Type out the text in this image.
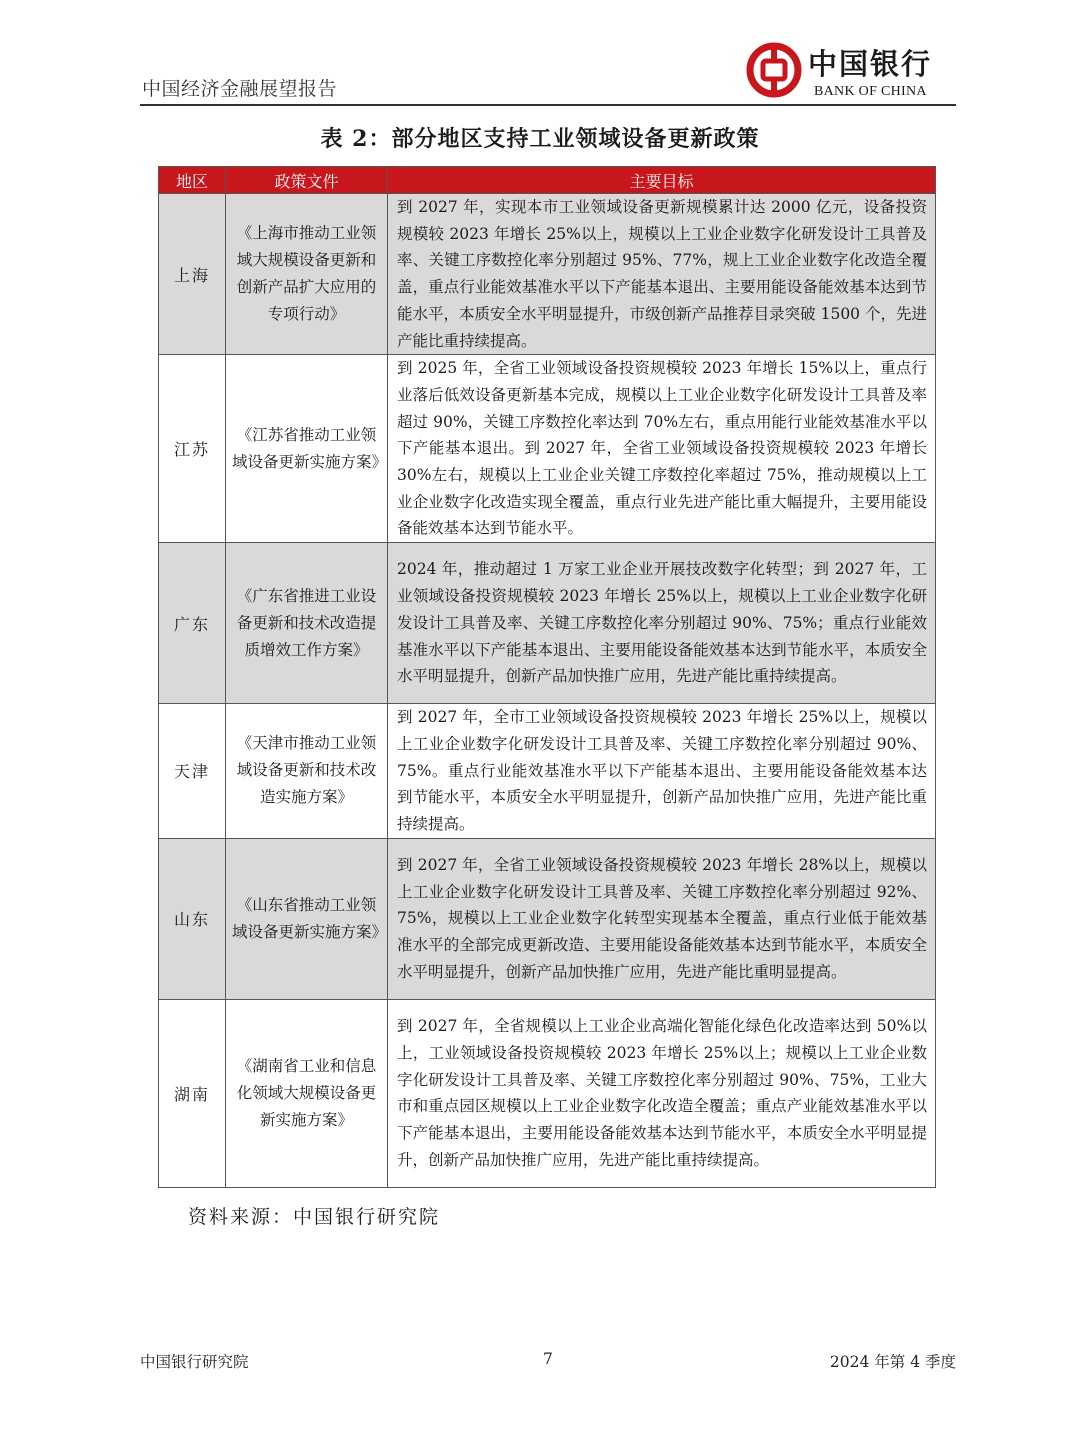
中国经济金融展望报告
中国银行
BANK OF CHINA
表 2：部分地区支持工业领域设备更新政策
地区	政策文件	主要目标
上海	《上海市推动工业领域大规模设备更新和创新产品扩大应用的专项行动》	到 2027 年，实现本市工业领域设备更新规模累计达 2000 亿元，设备投资规模较 2023 年增长 25%以上，规模以上工业企业数字化研发设计工具普及率、关键工序数控化率分别超过 95%、77%，规上工业企业数字化改造全覆盖，重点行业能效基准水平以下产能基本退出、主要用能设备能效基本达到节能水平，本质安全水平明显提升，市级创新产品推荐目录突破 1500 个，先进产能比重持续提高。
江苏	《江苏省推动工业领域设备更新实施方案》	到 2025 年，全省工业领域设备投资规模较 2023 年增长 15%以上，重点行业落后低效设备更新基本完成，规模以上工业企业数字化研发设计工具普及率超过 90%，关键工序数控化率达到 70%左右，重点用能行业能效基准水平以下产能基本退出。到 2027 年，全省工业领域设备投资规模较 2023 年增长 30%左右，规模以上工业企业关键工序数控化率超过 75%，推动规模以上工业企业数字化改造实现全覆盖，重点行业先进产能比重大幅提升，主要用能设备能效基本达到节能水平。
广东	《广东省推进工业设备更新和技术改造提质增效工作方案》	2024 年，推动超过 1 万家工业企业开展技改数字化转型；到 2027 年，工业领域设备投资规模较 2023 年增长 25%以上，规模以上工业企业数字化研发设计工具普及率、关键工序数控化率分别超过 90%、75%；重点行业能效基准水平以下产能基本退出、主要用能设备能效基本达到节能水平，本质安全水平明显提升，创新产品加快推广应用，先进产能比重持续提高。
天津	《天津市推动工业领域设备更新和技术改造实施方案》	到 2027 年，全市工业领域设备投资规模较 2023 年增长 25%以上，规模以上工业企业数字化研发设计工具普及率、关键工序数控化率分别超过 90%、75%。重点行业能效基准水平以下产能基本退出、主要用能设备能效基本达到节能水平，本质安全水平明显提升，创新产品加快推广应用，先进产能比重持续提高。
山东	《山东省推动工业领域设备更新实施方案》	到 2027 年，全省工业领域设备投资规模较 2023 年增长 28%以上，规模以上工业企业数字化研发设计工具普及率、关键工序数控化率分别超过 92%、75%，规模以上工业企业数字化转型实现基本全覆盖，重点行业低于能效基准水平的全部完成更新改造、主要用能设备能效基本达到节能水平，本质安全水平明显提升，创新产品加快推广应用，先进产能比重明显提高。
湖南	《湖南省工业和信息化领域大规模设备更新实施方案》	到 2027 年，全省规模以上工业企业高端化智能化绿色化改造率达到 50%以上，工业领域设备投资规模较 2023 年增长 25%以上；规模以上工业企业数字化研发设计工具普及率、关键工序数控化率分别超过 90%、75%，工业大市和重点园区规模以上工业企业数字化改造全覆盖；重点产业能效基准水平以下产能基本退出，主要用能设备能效基本达到节能水平，本质安全水平明显提升，创新产品加快推广应用，先进产能比重持续提高。
资料来源：中国银行研究院
中国银行研究院	7	2024 年第 4 季度
